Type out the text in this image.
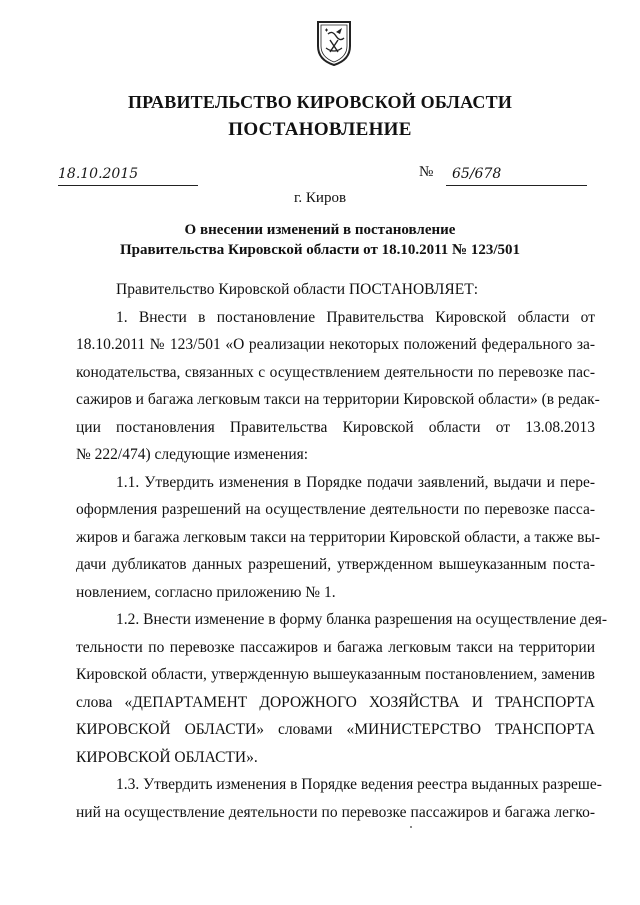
ПРАВИТЕЛЬСТВО КИРОВСКОЙ ОБЛАСТИ
ПОСТАНОВЛЕНИЕ
18.10.2015	№ 65/678
г. Киров
О внесении изменений в постановление
Правительства Кировской области от 18.10.2011 № 123/501
Правительство Кировской области ПОСТАНОВЛЯЕТ:
1. Внести в постановление Правительства Кировской области от
18.10.2011 № 123/501 «О реализации некоторых положений федерального за-
конодательства, связанных с осуществлением деятельности по перевозке пас-
сажиров и багажа легковым такси на территории Кировской области» (в редак-
ции постановления Правительства Кировской области от 13.08.2013
№ 222/474) следующие изменения:
1.1. Утвердить изменения в Порядке подачи заявлений, выдачи и пере-
оформления разрешений на осуществление деятельности по перевозке пасса-
жиров и багажа легковым такси на территории Кировской области, а также вы-
дачи дубликатов данных разрешений, утвержденном вышеуказанным поста-
новлением, согласно приложению № 1.
1.2. Внести изменение в форму бланка разрешения на осуществление дея-
тельности по перевозке пассажиров и багажа легковым такси на территории
Кировской области, утвержденную вышеуказанным постановлением, заменив
слова «ДЕПАРТАМЕНТ ДОРОЖНОГО ХОЗЯЙСТВА И ТРАНСПОРТА
КИРОВСКОЙ ОБЛАСТИ» словами «МИНИСТЕРСТВО ТРАНСПОРТА
КИРОВСКОЙ ОБЛАСТИ».
1.3. Утвердить изменения в Порядке ведения реестра выданных разреше-
ний на осуществление деятельности по перевозке пассажиров и багажа легко-
